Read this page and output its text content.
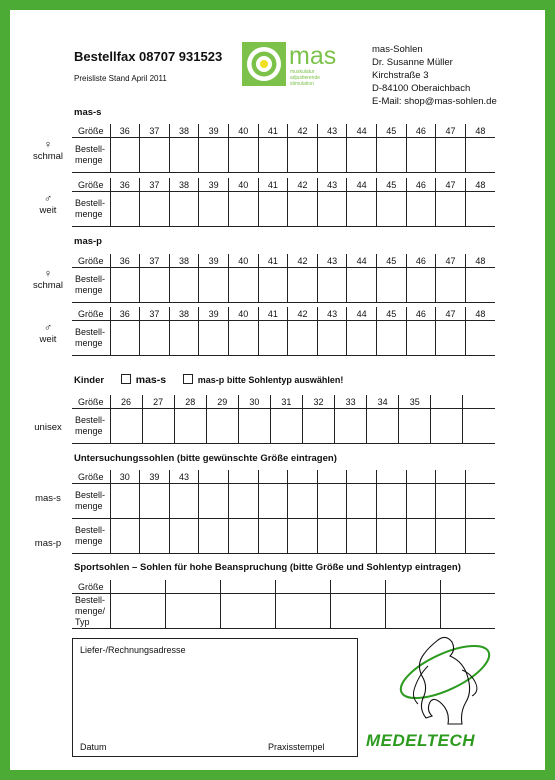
Bestellfax 08707 931523
Preisliste Stand April 2011
mas
muskulatur
adjustierende
stimulation
mas-Sohlen
Dr. Susanne Müller
Kirchstraße 3
D-84100 Oberaichbach
E-Mail: shop@mas-sohlen.de
mas-s
♀
schmal
Größe	36	37	38	39	40	41	42	43	44	45	46	47	48
Bestell-
menge													
♂
weit
Größe	36	37	38	39	40	41	42	43	44	45	46	47	48
Bestell-
menge													
mas-p
♀
schmal
Größe	36	37	38	39	40	41	42	43	44	45	46	47	48
Bestell-
menge													
♂
weit
Größe	36	37	38	39	40	41	42	43	44	45	46	47	48
Bestell-
menge													
Kinder	mas-s	mas-p bitte Sohlentyp auswählen!
unisex
Größe	26	27	28	29	30	31	32	33	34	35		
Bestell-
menge												
Untersuchungssohlen (bitte gewünschte Größe eintragen)
mas-s
mas-p
Größe	30	39	43										
Bestell-
menge													
Bestell-
menge													
Sportsohlen – Sohlen für hohe Beanspruchung (bitte Größe und Sohlentyp eintragen)
Größe							
Bestell-
menge/
Typ							
Liefer-/Rechnungsadresse
Datum	Praxisstempel MEDELTECH
